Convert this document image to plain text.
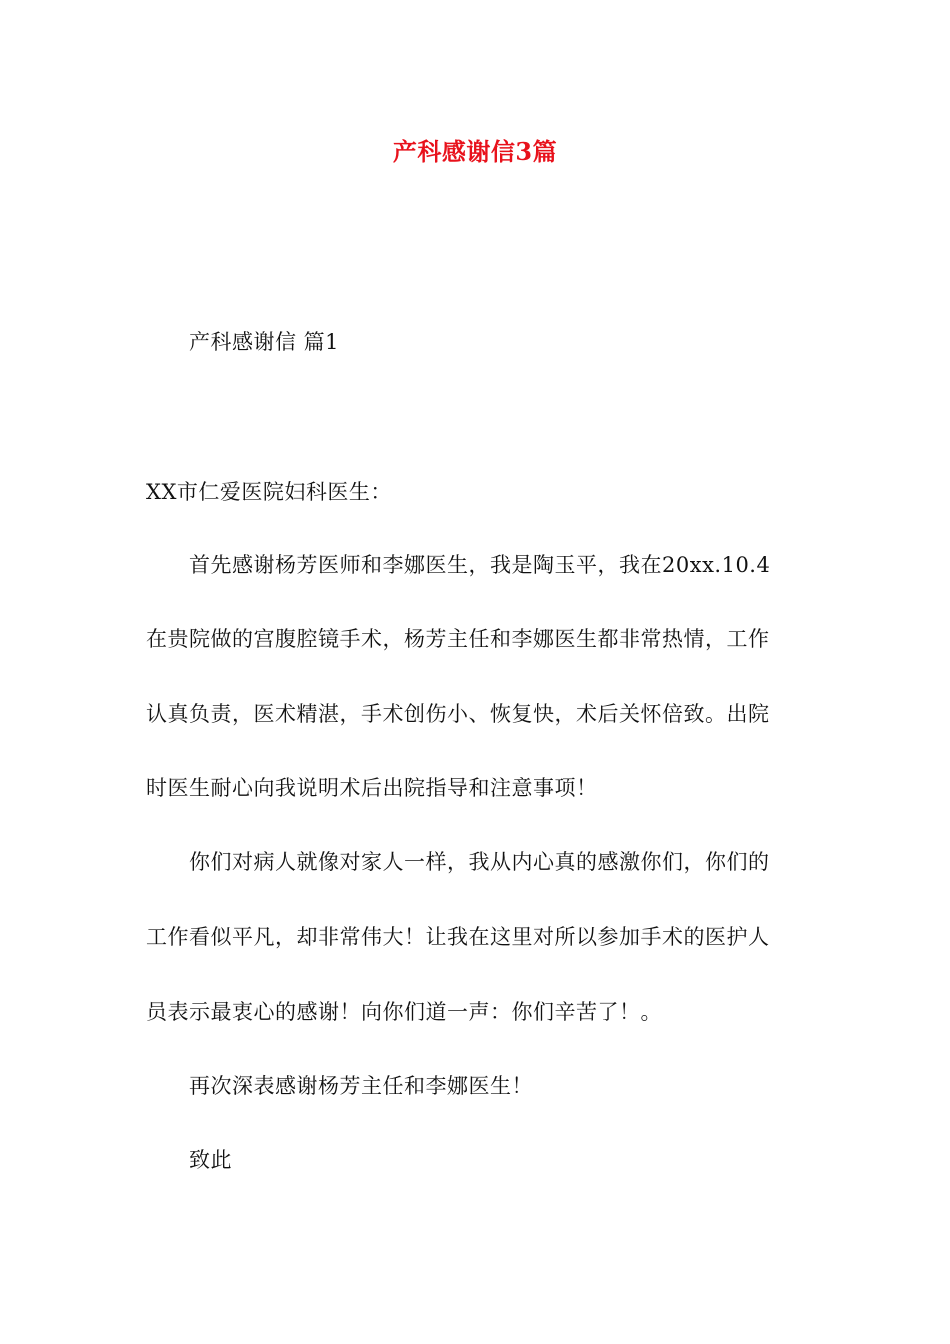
产科感谢信3篇
产科感谢信 篇1
XX市仁爱医院妇科医生：
首先感谢杨芳医师和李娜医生，我是陶玉平，我在20xx.10.4
在贵院做的宫腹腔镜手术，杨芳主任和李娜医生都非常热情，工作
认真负责，医术精湛，手术创伤小、恢复快，术后关怀倍致。出院
时医生耐心向我说明术后出院指导和注意事项！
你们对病人就像对家人一样，我从内心真的感激你们，你们的
工作看似平凡，却非常伟大！让我在这里对所以参加手术的医护人
员表示最衷心的感谢！向你们道一声：你们辛苦了！。
再次深表感谢杨芳主任和李娜医生！
致此
